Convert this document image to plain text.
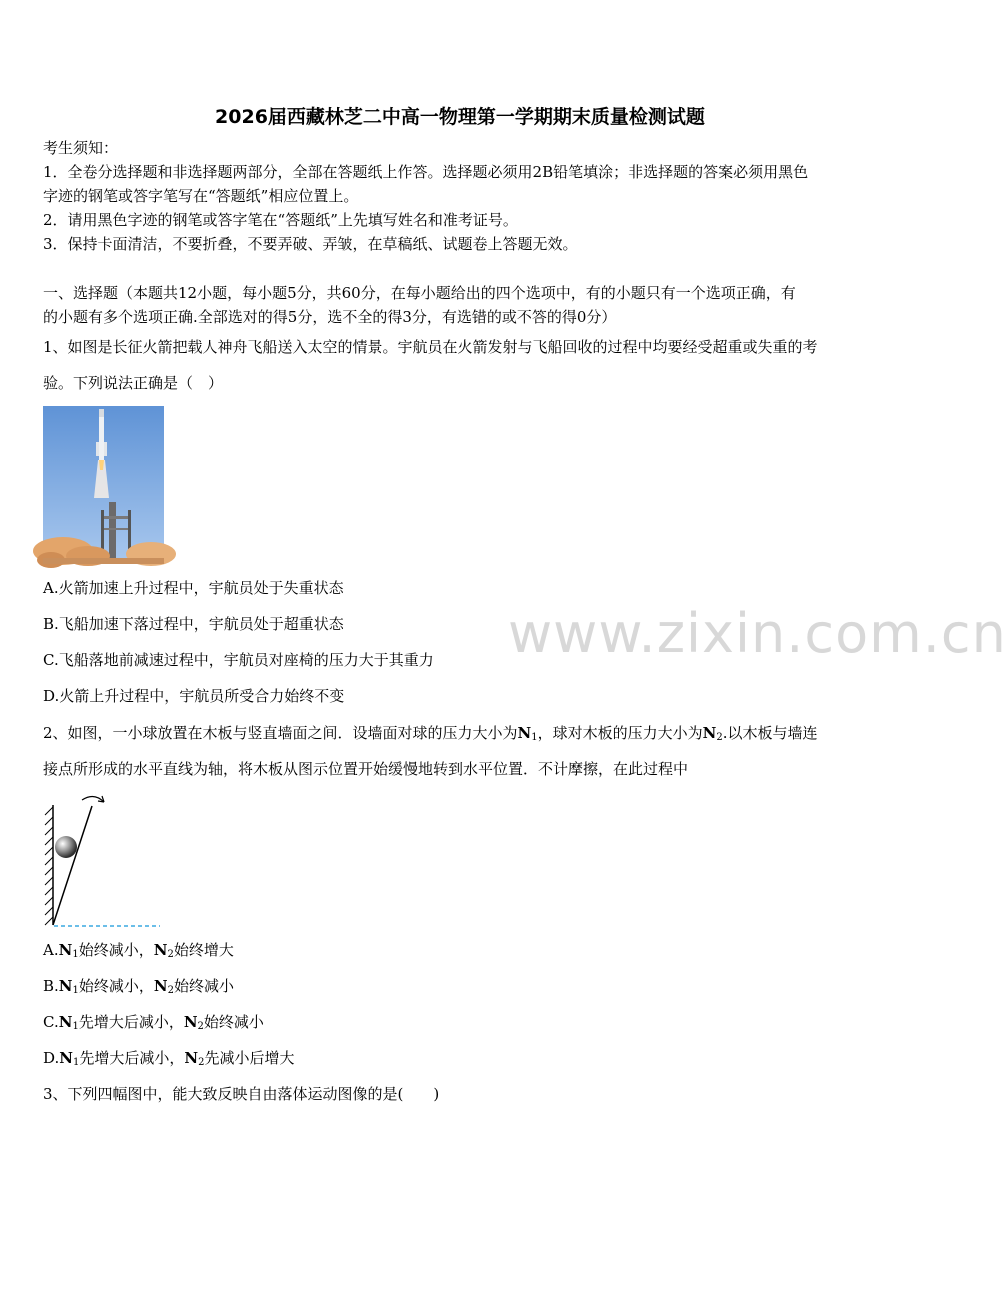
2026届西藏林芝二中高一物理第一学期期末质量检测试题
考生须知：
1．全卷分选择题和非选择题两部分，全部在答题纸上作答。选择题必须用2B铅笔填涂；非选择题的答案必须用黑色
字迹的钢笔或答字笔写在“答题纸”相应位置上。
2．请用黑色字迹的钢笔或答字笔在“答题纸”上先填写姓名和准考证号。
3．保持卡面清洁，不要折叠，不要弄破、弄皱，在草稿纸、试题卷上答题无效。
一、选择题（本题共12小题，每小题5分，共60分，在每小题给出的四个选项中，有的小题只有一个选项正确，有
的小题有多个选项正确.全部选对的得5分，选不全的得3分，有选错的或不答的得0分）
1、如图是长征火箭把载人神舟飞船送入太空的情景。宇航员在火箭发射与飞船回收的过程中均要经受超重或失重的考
验。下列说法正确是（　）
A.火箭加速上升过程中，宇航员处于失重状态
B.飞船加速下落过程中，宇航员处于超重状态
C.飞船落地前减速过程中，宇航员对座椅的压力大于其重力
D.火箭上升过程中，宇航员所受合力始终不变
www.zixin.com.cn
2、如图，一小球放置在木板与竖直墙面之间．设墙面对球的压力大小为$N_1$，球对木板的压力大小为$N_2$.以木板与墙连
接点所形成的水平直线为轴，将木板从图示位置开始缓慢地转到水平位置．不计摩擦，在此过程中
$A.N_1$始终减小，$N_2$始终增大
$B.N_1$始终减小，$N_2$始终减小
$C.N_1$先增大后减小，$N_2$始终减小
$D.N_1$先增大后减小，$N_2$先减小后增大
3、下列四幅图中，能大致反映自由落体运动图像的是(　　)
